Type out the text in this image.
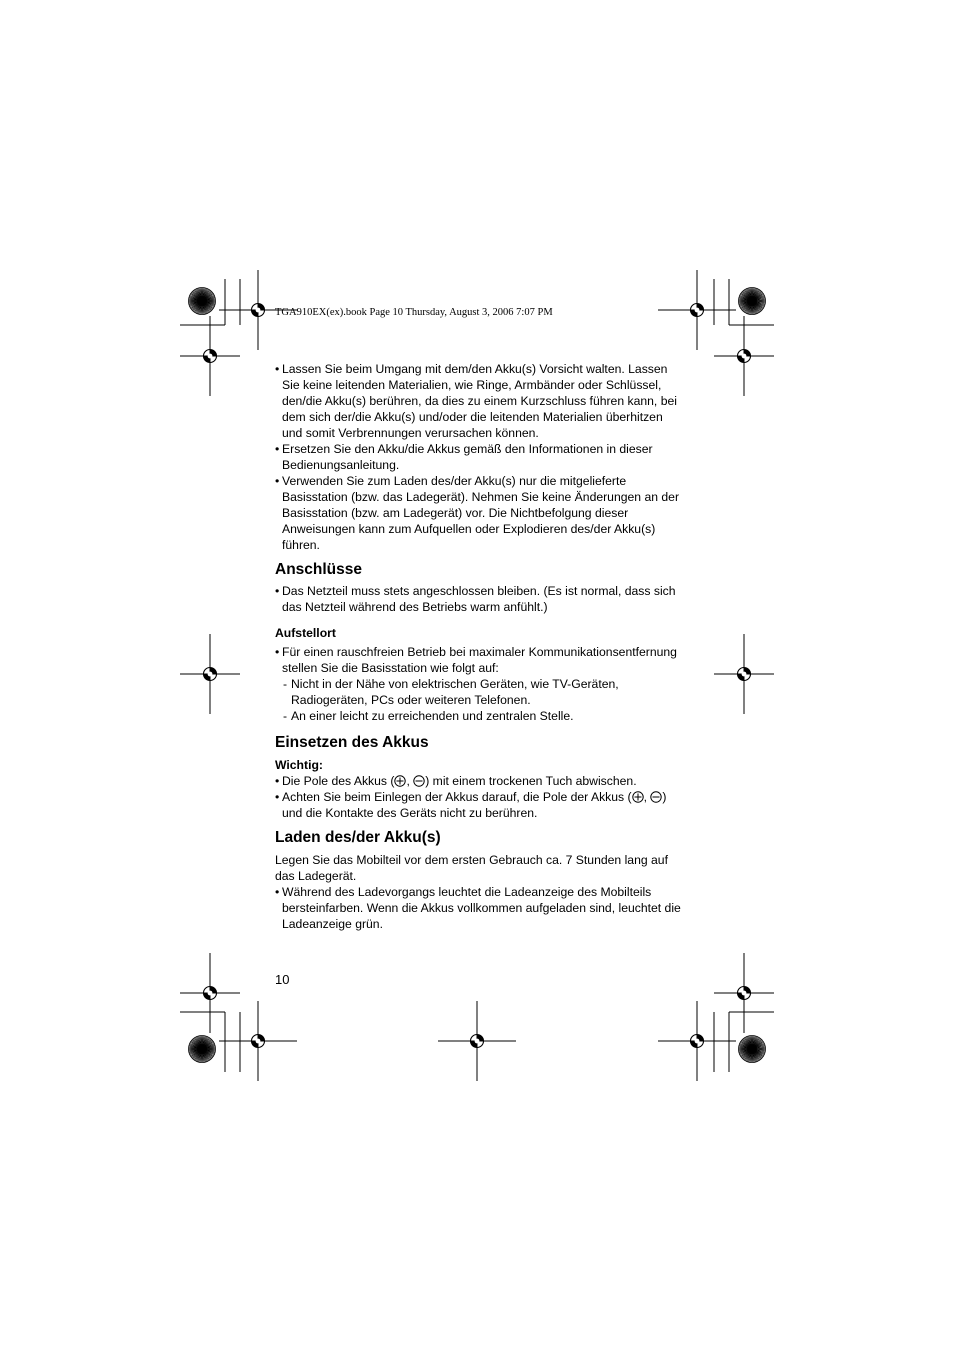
TGA910EX(ex).book Page 10 Thursday, August 3, 2006 7:07 PM

• Lassen Sie beim Umgang mit dem/den Akku(s) Vorsicht walten. Lassen Sie keine leitenden Materialien, wie Ringe, Armbänder oder Schlüssel, den/die Akku(s) berühren, da dies zu einem Kurzschluss führen kann, bei dem sich der/die Akku(s) und/oder die leitenden Materialien überhitzen und somit Verbrennungen verursachen können.

• Ersetzen Sie den Akku/die Akkus gemäß den Informationen in dieser Bedienungsanleitung.

• Verwenden Sie zum Laden des/der Akku(s) nur die mitgelieferte Basisstation (bzw. das Ladegerät). Nehmen Sie keine Änderungen an der Basisstation (bzw. am Ladegerät) vor. Die Nichtbefolgung dieser Anweisungen kann zum Aufquellen oder Explodieren des/der Akku(s) führen.

Anschlüsse

• Das Netzteil muss stets angeschlossen bleiben. (Es ist normal, dass sich das Netzteil während des Betriebs warm anfühlt.)

Aufstellort

• Für einen rauschfreien Betrieb bei maximaler Kommunikationsentfernung stellen Sie die Basisstation wie folgt auf:

- Nicht in der Nähe von elektrischen Geräten, wie TV-Geräten, Radiogeräten, PCs oder weiteren Telefonen.

- An einer leicht zu erreichenden und zentralen Stelle.

Einsetzen des Akkus
Wichtig:

• Die Pole des Akkus ( , ) mit einem trockenen Tuch abwischen.

• Achten Sie beim Einlegen der Akkus darauf, die Pole der Akkus ( , ) und die Kontakte des Geräts nicht zu berühren.

Laden des/der Akku(s)

Legen Sie das Mobilteil vor dem ersten Gebrauch ca. 7 Stunden lang auf das Ladegerät.

• Während des Ladevorgangs leuchtet die Ladeanzeige des Mobilteils bersteinfarben. Wenn die Akkus vollkommen aufgeladen sind, leuchtet die Ladeanzeige grün.

10
